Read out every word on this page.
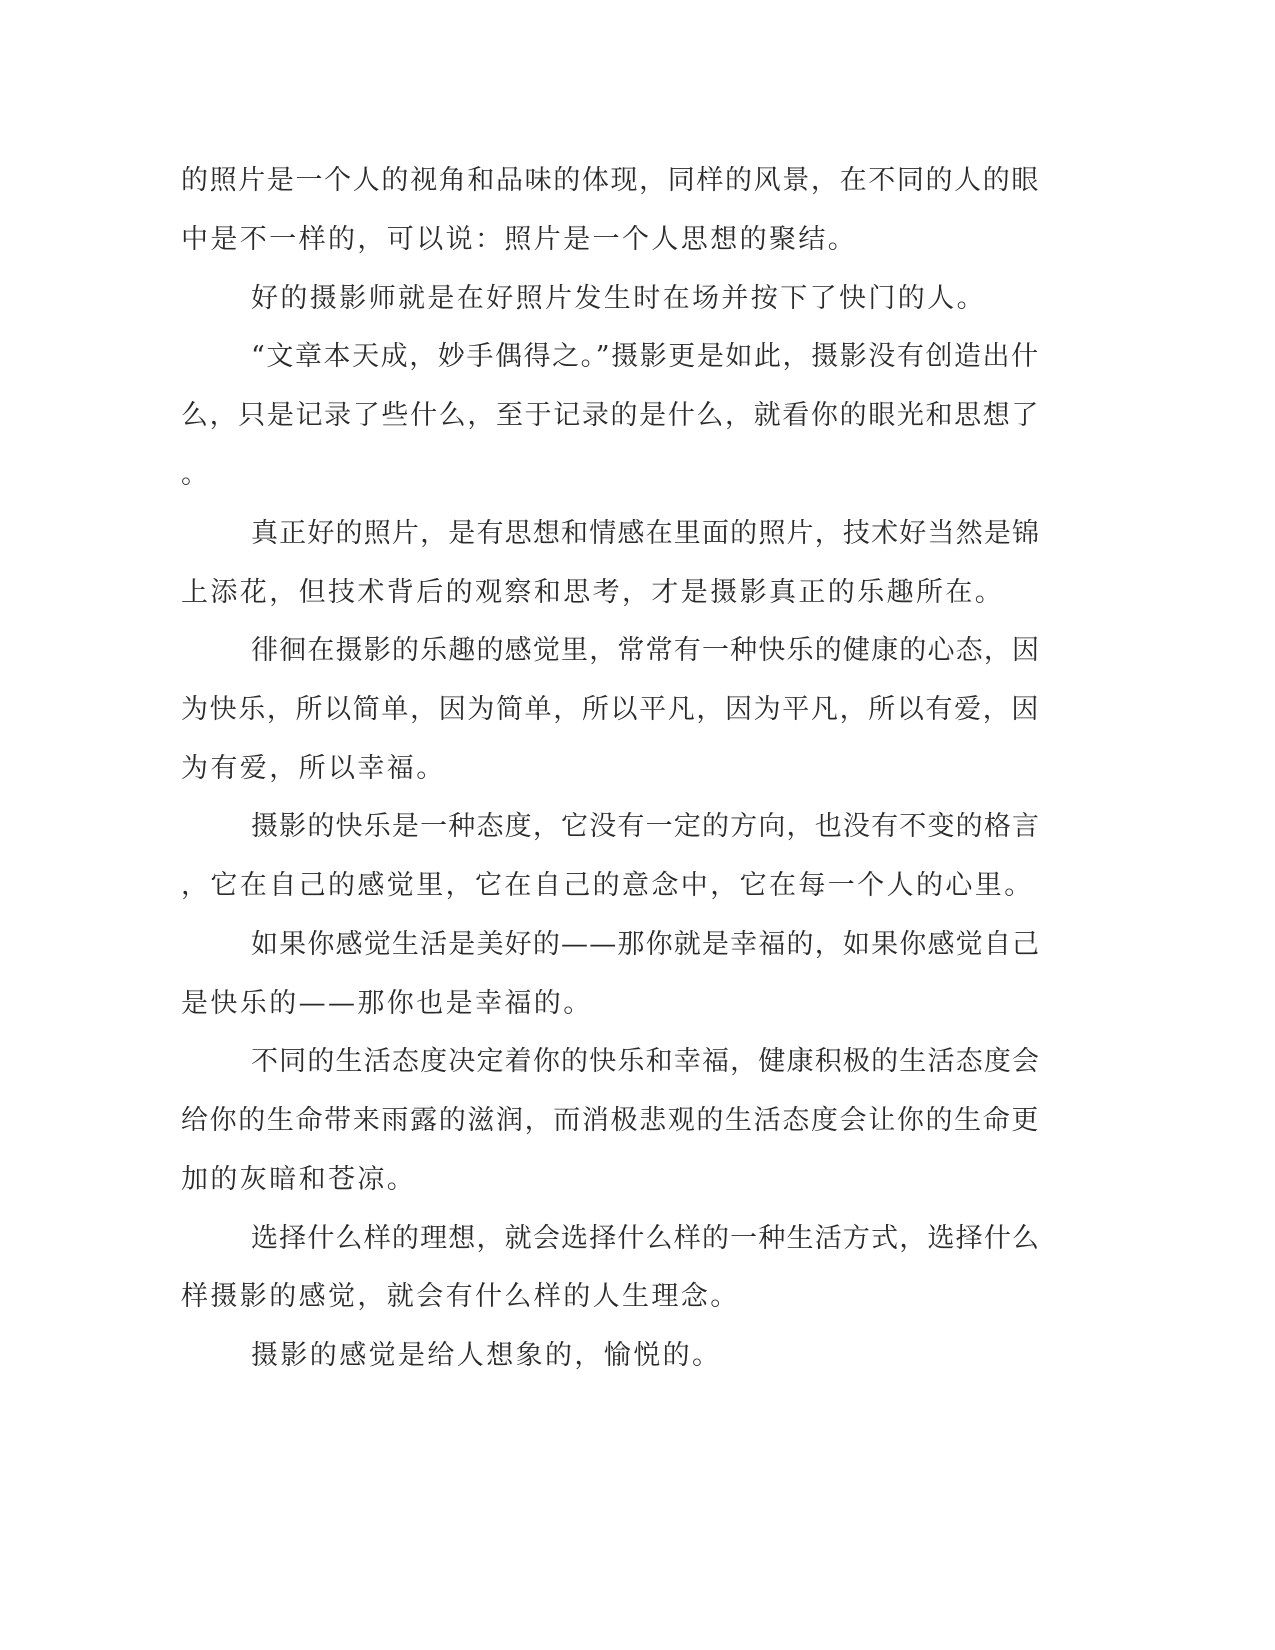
的照片是一个人的视角和品味的体现，同样的风景，在不同的人的眼
中是不一样的，可以说：照片是一个人思想的聚结。
好的摄影师就是在好照片发生时在场并按下了快门的人。
“文章本天成，妙手偶得之。”摄影更是如此，摄影没有创造出什
么，只是记录了些什么，至于记录的是什么，就看你的眼光和思想了
。
真正好的照片，是有思想和情感在里面的照片，技术好当然是锦
上添花，但技术背后的观察和思考，才是摄影真正的乐趣所在。
徘徊在摄影的乐趣的感觉里，常常有一种快乐的健康的心态，因
为快乐，所以简单，因为简单，所以平凡，因为平凡，所以有爱，因
为有爱，所以幸福。
摄影的快乐是一种态度，它没有一定的方向，也没有不变的格言
，它在自己的感觉里，它在自己的意念中，它在每一个人的心里。
如果你感觉生活是美好的——那你就是幸福的，如果你感觉自己
是快乐的——那你也是幸福的。
不同的生活态度决定着你的快乐和幸福，健康积极的生活态度会
给你的生命带来雨露的滋润，而消极悲观的生活态度会让你的生命更
加的灰暗和苍凉。
选择什么样的理想，就会选择什么样的一种生活方式，选择什么
样摄影的感觉，就会有什么样的人生理念。
摄影的感觉是给人想象的，愉悦的。
